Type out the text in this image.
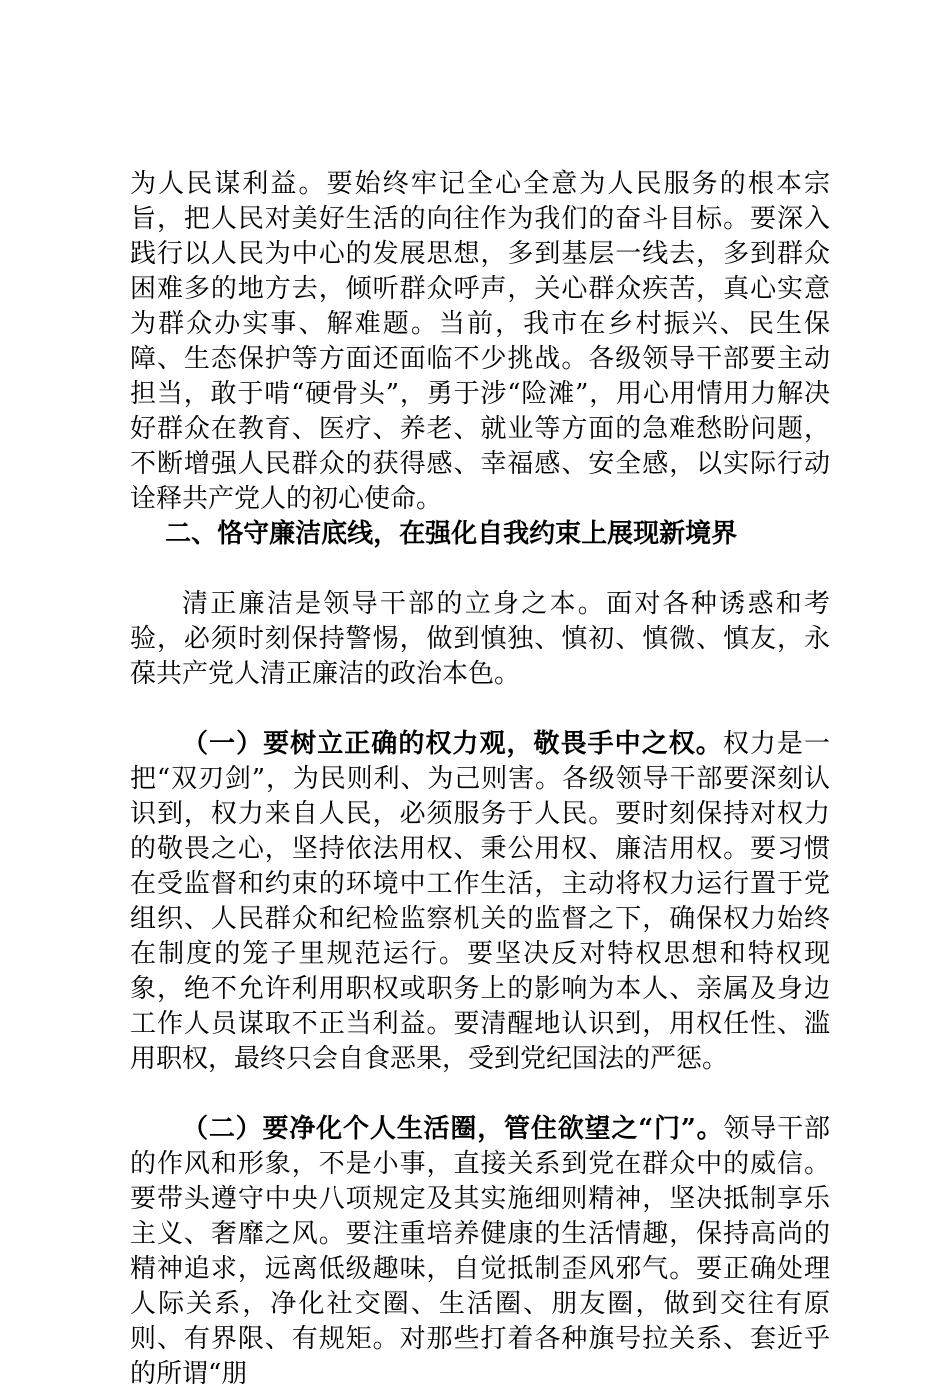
为人民谋利益。要始终牢记全心全意为人民服务的根本宗旨，把人民对美好生活的向往作为我们的奋斗目标。要深入践行以人民为中心的发展思想，多到基层一线去，多到群众困难多的地方去，倾听群众呼声，关心群众疾苦，真心实意为群众办实事、解难题。当前，我市在乡村振兴、民生保障、生态保护等方面还面临不少挑战。各级领导干部要主动担当，敢于啃“硬骨头”，勇于涉“险滩”，用心用情用力解决好群众在教育、医疗、养老、就业等方面的急难愁盼问题，不断增强人民群众的获得感、幸福感、安全感，以实际行动诠释共产党人的初心使命。

二、恪守廉洁底线，在强化自我约束上展现新境界

清正廉洁是领导干部的立身之本。面对各种诱惑和考验，必须时刻保持警惕，做到慎独、慎初、慎微、慎友，永葆共产党人清正廉洁的政治本色。

（一）要树立正确的权力观，敬畏手中之权。权力是一把“双刃剑”，为民则利、为己则害。各级领导干部要深刻认识到，权力来自人民，必须服务于人民。要时刻保持对权力的敬畏之心，坚持依法用权、秉公用权、廉洁用权。要习惯在受监督和约束的环境中工作生活，主动将权力运行置于党组织、人民群众和纪检监察机关的监督之下，确保权力始终在制度的笼子里规范运行。要坚决反对特权思想和特权现象，绝不允许利用职权或职务上的影响为本人、亲属及身边工作人员谋取不正当利益。要清醒地认识到，用权任性、滥用职权，最终只会自食恶果，受到党纪国法的严惩。

（二）要净化个人生活圈，管住欲望之“门”。领导干部的作风和形象，不是小事，直接关系到党在群众中的威信。要带头遵守中央八项规定及其实施细则精神，坚决抵制享乐主义、奢靡之风。要注重培养健康的生活情趣，保持高尚的精神追求，远离低级趣味，自觉抵制歪风邪气。要正确处理人际关系，净化社交圈、生活圈、朋友圈，做到交往有原则、有界限、有规矩。对那些打着各种旗号拉关系、套近乎的所谓“朋
